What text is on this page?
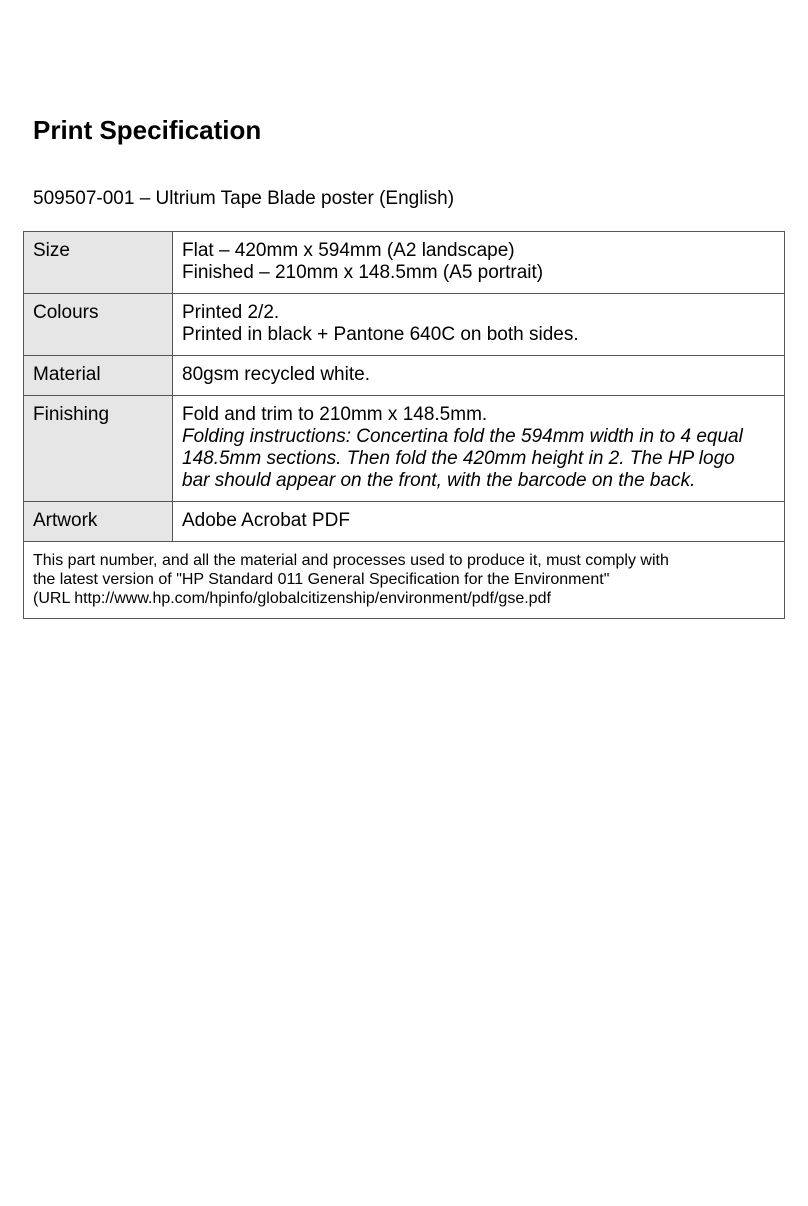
Print Specification
509507-001 – Ultrium Tape Blade poster (English)
Size	Flat – 420mm x 594mm (A2 landscape)
Finished – 210mm x 148.5mm (A5 portrait)

Colours	Printed 2/2.
Printed in black + Pantone 640C on both sides.

Material	80gsm recycled white.

Finishing	Fold and trim to 210mm x 148.5mm.
Folding instructions: Concertina fold the 594mm width in to 4 equal
148.5mm sections. Then fold the 420mm height in 2. The HP logo
bar should appear on the front, with the barcode on the back.

Artwork	Adobe Acrobat PDF

This part number, and all the material and processes used to produce it, must comply with
the latest version of "HP Standard 011 General Specification for the Environment"
(URL http://www.hp.com/hpinfo/globalcitizenship/environment/pdf/gse.pdf	
